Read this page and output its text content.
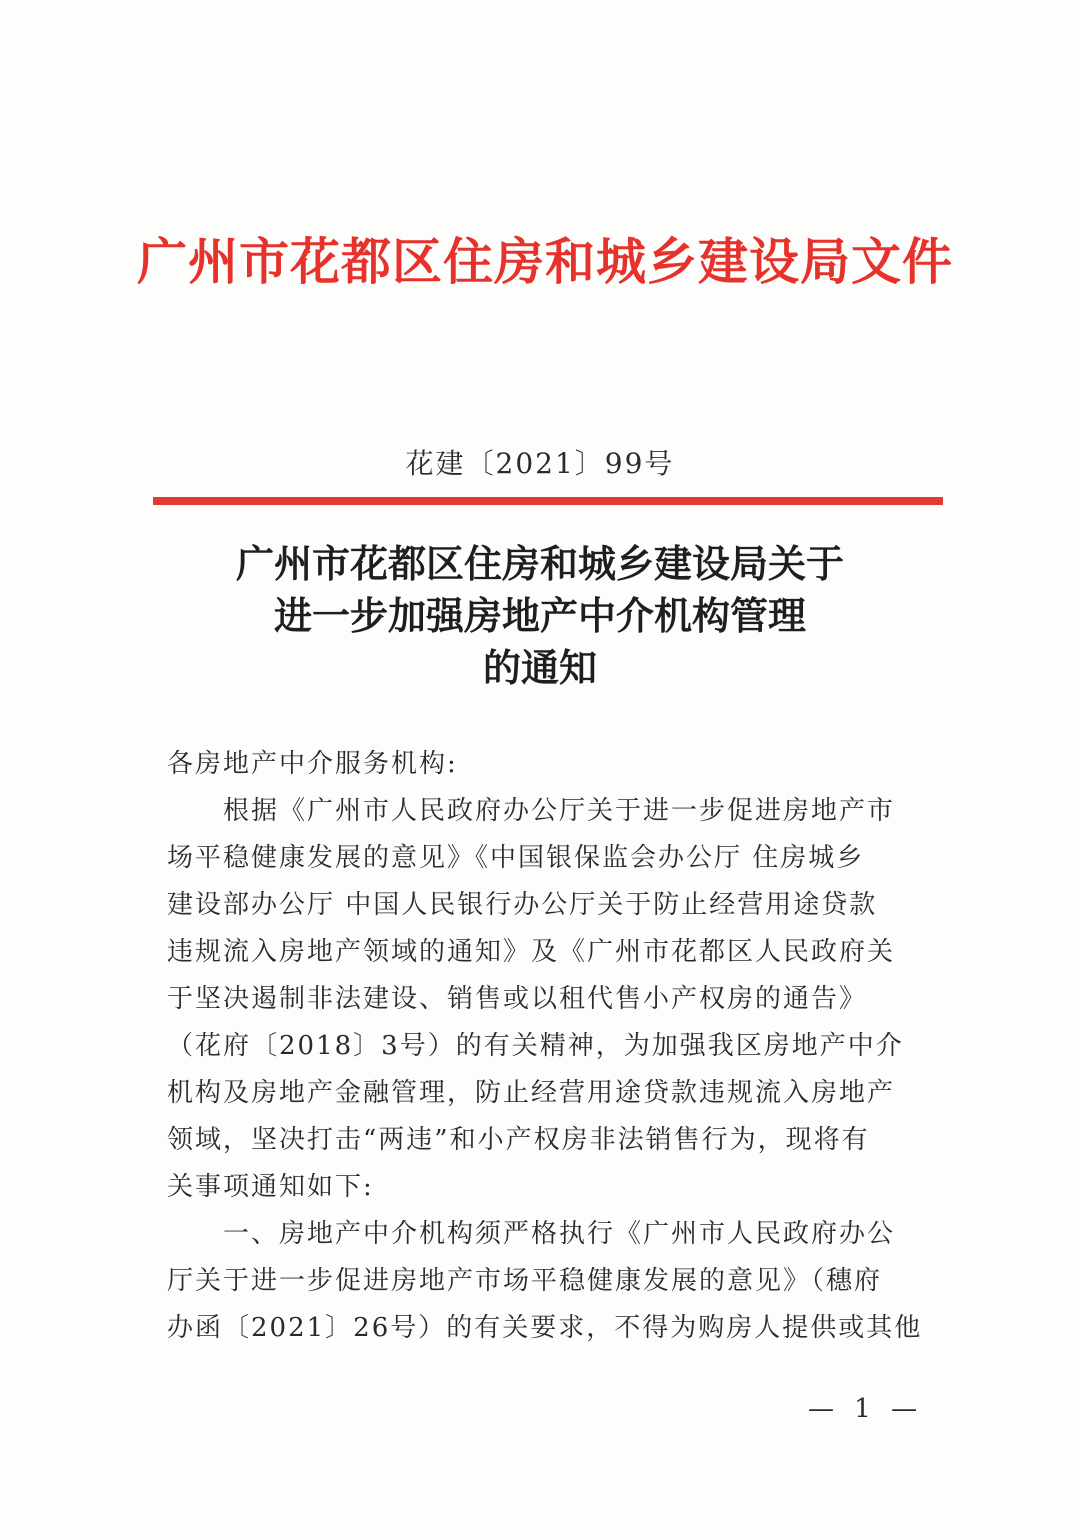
广州市花都区住房和城乡建设局文件
花建〔2021〕99号
广州市花都区住房和城乡建设局关于
进一步加强房地产中介机构管理
的通知
各房地产中介服务机构:
根据《广州市人民政府办公厅关于进一步促进房地产市
场平稳健康发展的意见》《中国银保监会办公厅 住房城乡
建设部办公厅 中国人民银行办公厅关于防止经营用途贷款
违规流入房地产领域的通知》及《广州市花都区人民政府关
于坚决遏制非法建设、销售或以租代售小产权房的通告》
（花府〔2018〕3号）的有关精神，为加强我区房地产中介
机构及房地产金融管理，防止经营用途贷款违规流入房地产
领域，坚决打击“两违”和小产权房非法销售行为，现将有
关事项通知如下:
一、房地产中介机构须严格执行《广州市人民政府办公
厅关于进一步促进房地产市场平稳健康发展的意见》（穗府
办函〔2021〕26号）的有关要求，不得为购房人提供或其他
— 1 —
